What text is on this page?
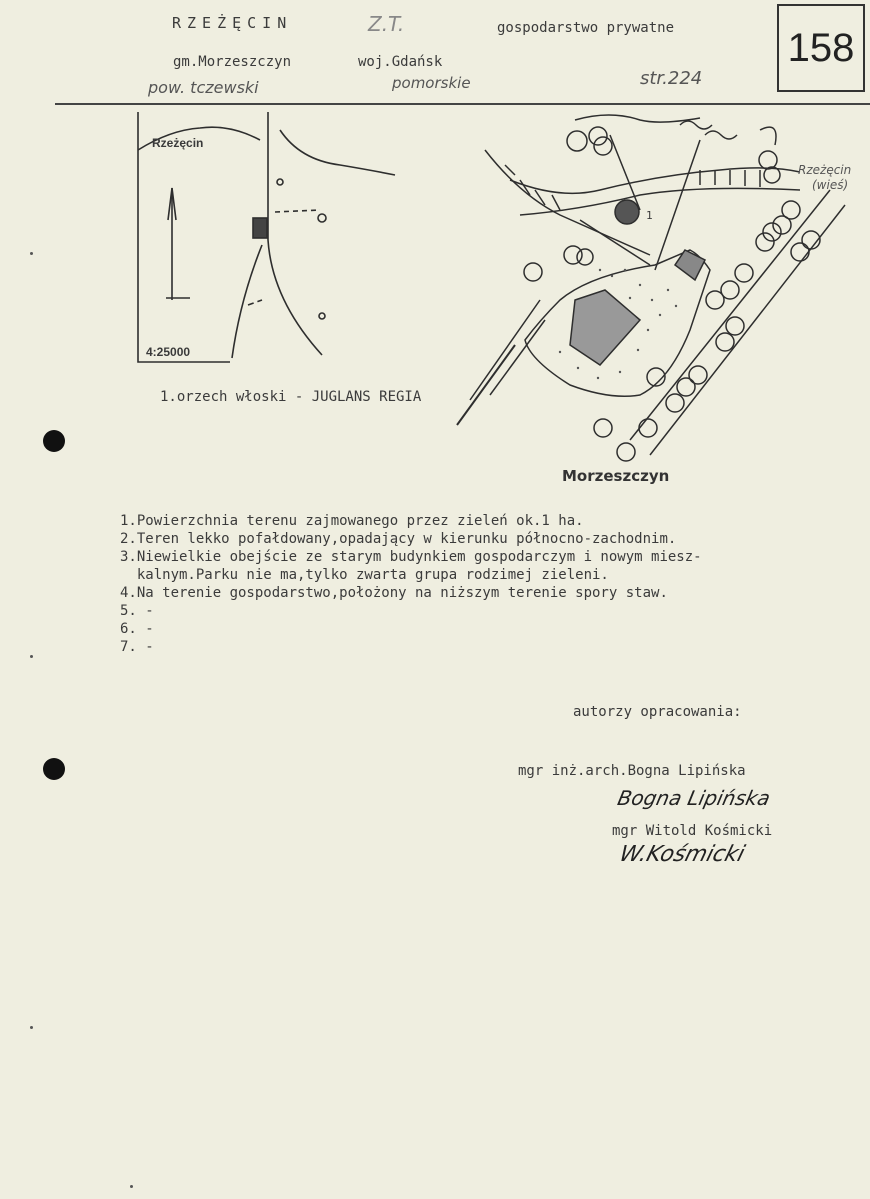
RZEŻĘCIN	Z.T.	gospodarstwo prywatne
gm.Morzeszczyn	woj.Gdańsk
pow. tczewski	pomorskie	str.224
158
Rzeżęcin
4:25000
Rzeżęcin
(wieś)
Morzeszczyn
1
1.orzech włoski - JUGLANS REGIA
1.Powierzchnia terenu zajmowanego przez zieleń ok.1 ha.
2.Teren lekko pofałdowany,opadający w kierunku północno-zachodnim.
3.Niewielkie obejście ze starym budynkiem gospodarczym i nowym miesz-
kalnym.Parku nie ma,tylko zwarta grupa rodzimej zieleni.
4.Na terenie gospodarstwo,położony na niższym terenie spory staw.
5. -
6. -
7. -
autorzy opracowania:
mgr inż.arch.Bogna Lipińska
Bogna Lipińska
mgr Witold Kośmicki
W.Kośmicki
